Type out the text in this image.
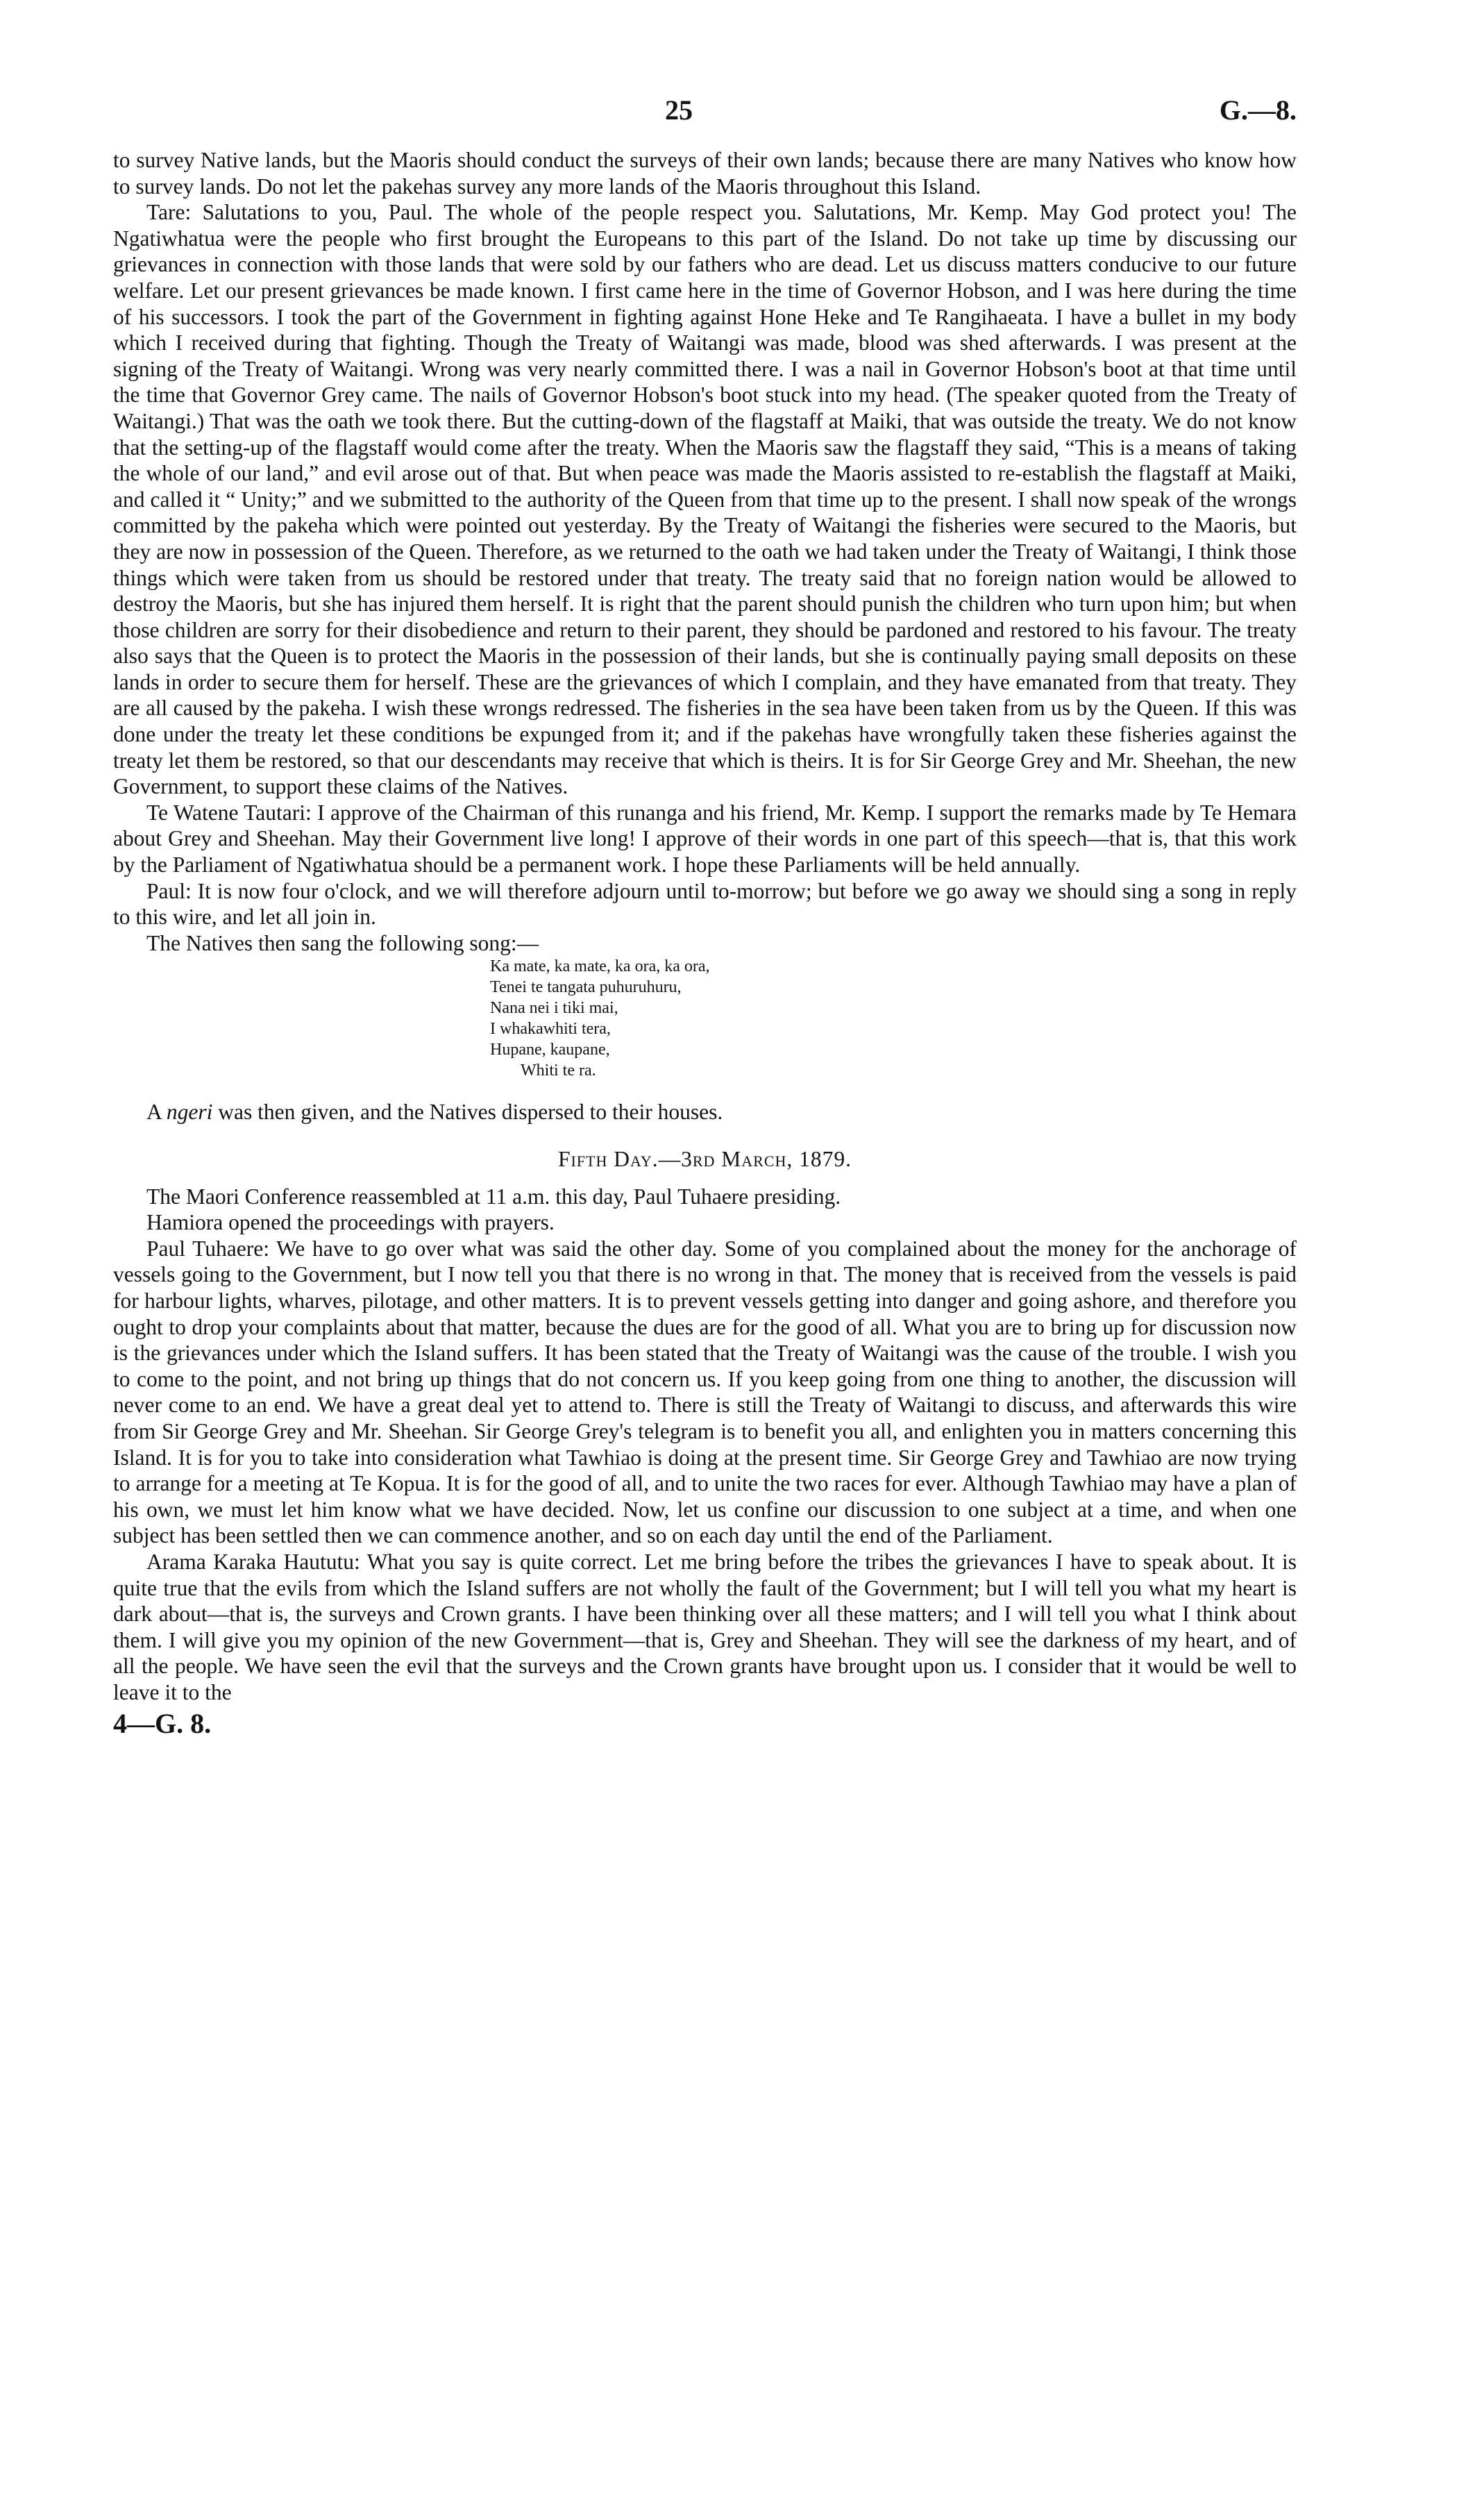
25	G.—8.

to survey Native lands, but the Maoris should conduct the surveys of their own lands; because there are many Natives who know how to survey lands. Do not let the pakehas survey any more lands of the Maoris throughout this Island.

Tare: Salutations to you, Paul. The whole of the people respect you. Salutations, Mr. Kemp. May God protect you! The Ngatiwhatua were the people who first brought the Europeans to this part of the Island. Do not take up time by discussing our grievances in connection with those lands that were sold by our fathers who are dead. Let us discuss matters conducive to our future welfare. Let our present grievances be made known. I first came here in the time of Governor Hobson, and I was here during the time of his successors. I took the part of the Government in fighting against Hone Heke and Te Rangihaeata. I have a bullet in my body which I received during that fighting. Though the Treaty of Waitangi was made, blood was shed afterwards. I was present at the signing of the Treaty of Waitangi. Wrong was very nearly committed there. I was a nail in Governor Hobson's boot at that time until the time that Governor Grey came. The nails of Governor Hobson's boot stuck into my head. (The speaker quoted from the Treaty of Waitangi.) That was the oath we took there. But the cutting-down of the flagstaff at Maiki, that was outside the treaty. We do not know that the setting-up of the flagstaff would come after the treaty. When the Maoris saw the flagstaff they said, “This is a means of taking the whole of our land,” and evil arose out of that. But when peace was made the Maoris assisted to re-establish the flagstaff at Maiki, and called it “ Unity;” and we submitted to the authority of the Queen from that time up to the present. I shall now speak of the wrongs committed by the pakeha which were pointed out yesterday. By the Treaty of Waitangi the fisheries were secured to the Maoris, but they are now in possession of the Queen. Therefore, as we returned to the oath we had taken under the Treaty of Waitangi, I think those things which were taken from us should be restored under that treaty. The treaty said that no foreign nation would be allowed to destroy the Maoris, but she has injured them herself. It is right that the parent should punish the children who turn upon him; but when those children are sorry for their disobedience and return to their parent, they should be pardoned and restored to his favour. The treaty also says that the Queen is to protect the Maoris in the possession of their lands, but she is continually paying small deposits on these lands in order to secure them for herself. These are the grievances of which I complain, and they have emanated from that treaty. They are all caused by the pakeha. I wish these wrongs redressed. The fisheries in the sea have been taken from us by the Queen. If this was done under the treaty let these conditions be expunged from it; and if the pakehas have wrongfully taken these fisheries against the treaty let them be restored, so that our descendants may receive that which is theirs. It is for Sir George Grey and Mr. Sheehan, the new Government, to support these claims of the Natives.

Te Watene Tautari: I approve of the Chairman of this runanga and his friend, Mr. Kemp. I support the remarks made by Te Hemara about Grey and Sheehan. May their Government live long! I approve of their words in one part of this speech—that is, that this work by the Parliament of Ngatiwhatua should be a permanent work. I hope these Parliaments will be held annually.

Paul: It is now four o'clock, and we will therefore adjourn until to-morrow; but before we go away we should sing a song in reply to this wire, and let all join in.

The Natives then sang the following song:—

Ka mate, ka mate, ka ora, ka ora,
Tenei te tangata puhuruhuru,
Nana nei i tiki mai,
I whakawhiti tera,
Hupane, kaupane,
Whiti te ra.

A ngeri was then given, and the Natives dispersed to their houses.

Fifth Day.—3rd March, 1879.

The Maori Conference reassembled at 11 a.m. this day, Paul Tuhaere presiding.

Hamiora opened the proceedings with prayers.

Paul Tuhaere: We have to go over what was said the other day. Some of you complained about the money for the anchorage of vessels going to the Government, but I now tell you that there is no wrong in that. The money that is received from the vessels is paid for harbour lights, wharves, pilotage, and other matters. It is to prevent vessels getting into danger and going ashore, and therefore you ought to drop your complaints about that matter, because the dues are for the good of all. What you are to bring up for discussion now is the grievances under which the Island suffers. It has been stated that the Treaty of Waitangi was the cause of the trouble. I wish you to come to the point, and not bring up things that do not concern us. If you keep going from one thing to another, the discussion will never come to an end. We have a great deal yet to attend to. There is still the Treaty of Waitangi to discuss, and afterwards this wire from Sir George Grey and Mr. Sheehan. Sir George Grey's telegram is to benefit you all, and enlighten you in matters concerning this Island. It is for you to take into consideration what Tawhiao is doing at the present time. Sir George Grey and Tawhiao are now trying to arrange for a meeting at Te Kopua. It is for the good of all, and to unite the two races for ever. Although Tawhiao may have a plan of his own, we must let him know what we have decided. Now, let us confine our discussion to one subject at a time, and when one subject has been settled then we can commence another, and so on each day until the end of the Parliament.

Arama Karaka Haututu: What you say is quite correct. Let me bring before the tribes the grievances I have to speak about. It is quite true that the evils from which the Island suffers are not wholly the fault of the Government; but I will tell you what my heart is dark about—that is, the surveys and Crown grants. I have been thinking over all these matters; and I will tell you what I think about them. I will give you my opinion of the new Government—that is, Grey and Sheehan. They will see the darkness of my heart, and of all the people. We have seen the evil that the surveys and the Crown grants have brought upon us. I consider that it would be well to leave it to the

4—G. 8.
